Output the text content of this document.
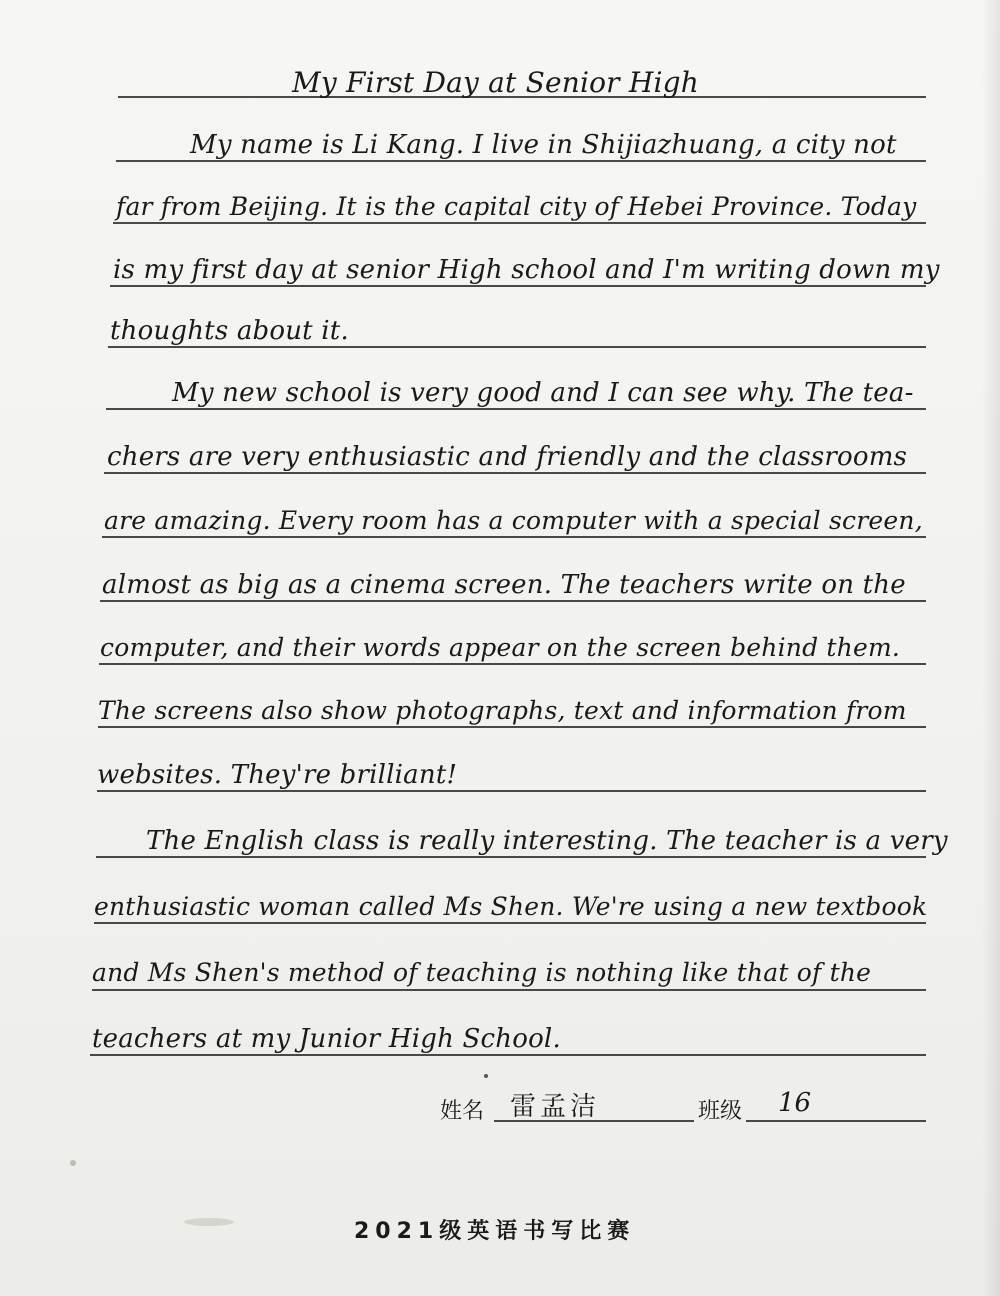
My First Day at Senior High
My name is Li Kang. I live in Shijiazhuang, a city not
far from Beijing. It is the capital city of Hebei Province. Today
is my first day at senior High school and I'm writing down my
thoughts about it.
My new school is very good and I can see why. The tea-
chers are very enthusiastic and friendly and the classrooms
are amazing. Every room has a computer with a special screen,
almost as big as a cinema screen. The teachers write on the
computer, and their words appear on the screen behind them.
The screens also show photographs, text and information from
websites. They're brilliant!
The English class is really interesting. The teacher is a very
enthusiastic woman called Ms Shen. We're using a new textbook
and Ms Shen's method of teaching is nothing like that of the
teachers at my Junior High School.
姓名 雷孟洁	班级 16
2021级英语书写比赛
